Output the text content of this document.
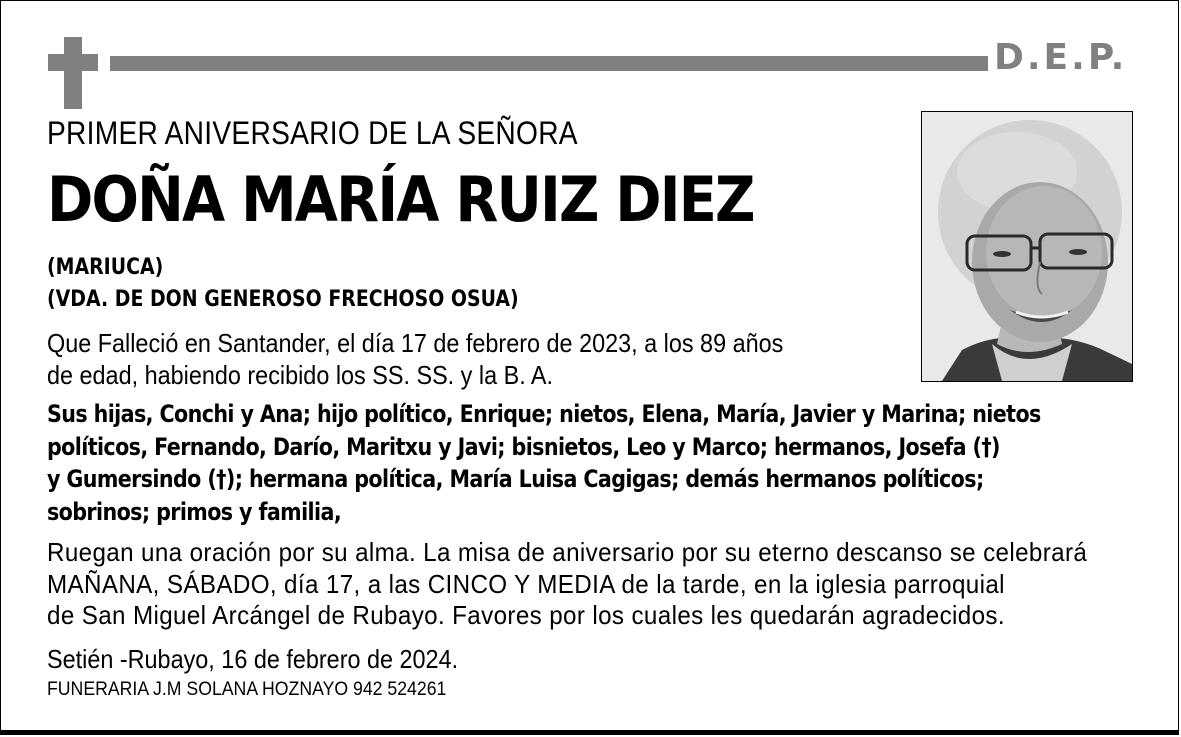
D.E.P.
PRIMER ANIVERSARIO DE LA SEÑORA
DOÑA MARÍA RUIZ DIEZ
(MARIUCA)
(VDA. DE DON GENEROSO FRECHOSO OSUA)
Que Falleció en Santander, el día 17 de febrero de 2023, a los 89 años
de edad, habiendo recibido los SS. SS. y la B. A.
Sus hijas, Conchi y Ana; hijo político, Enrique; nietos, Elena, María, Javier y Marina; nietos
políticos, Fernando, Darío, Maritxu y Javi; bisnietos, Leo y Marco; hermanos, Josefa (†)
y Gumersindo (†); hermana política, María Luisa Cagigas; demás hermanos políticos;
sobrinos; primos y familia,
Ruegan una oración por su alma. La misa de aniversario por su eterno descanso se celebrará
MAÑANA, SÁBADO, día 17, a las CINCO Y MEDIA de la tarde, en la iglesia parroquial
de San Miguel Arcángel de Rubayo. Favores por los cuales les quedarán agradecidos.
Setién -Rubayo, 16 de febrero de 2024.
FUNERARIA J.M SOLANA HOZNAYO 942 524261
